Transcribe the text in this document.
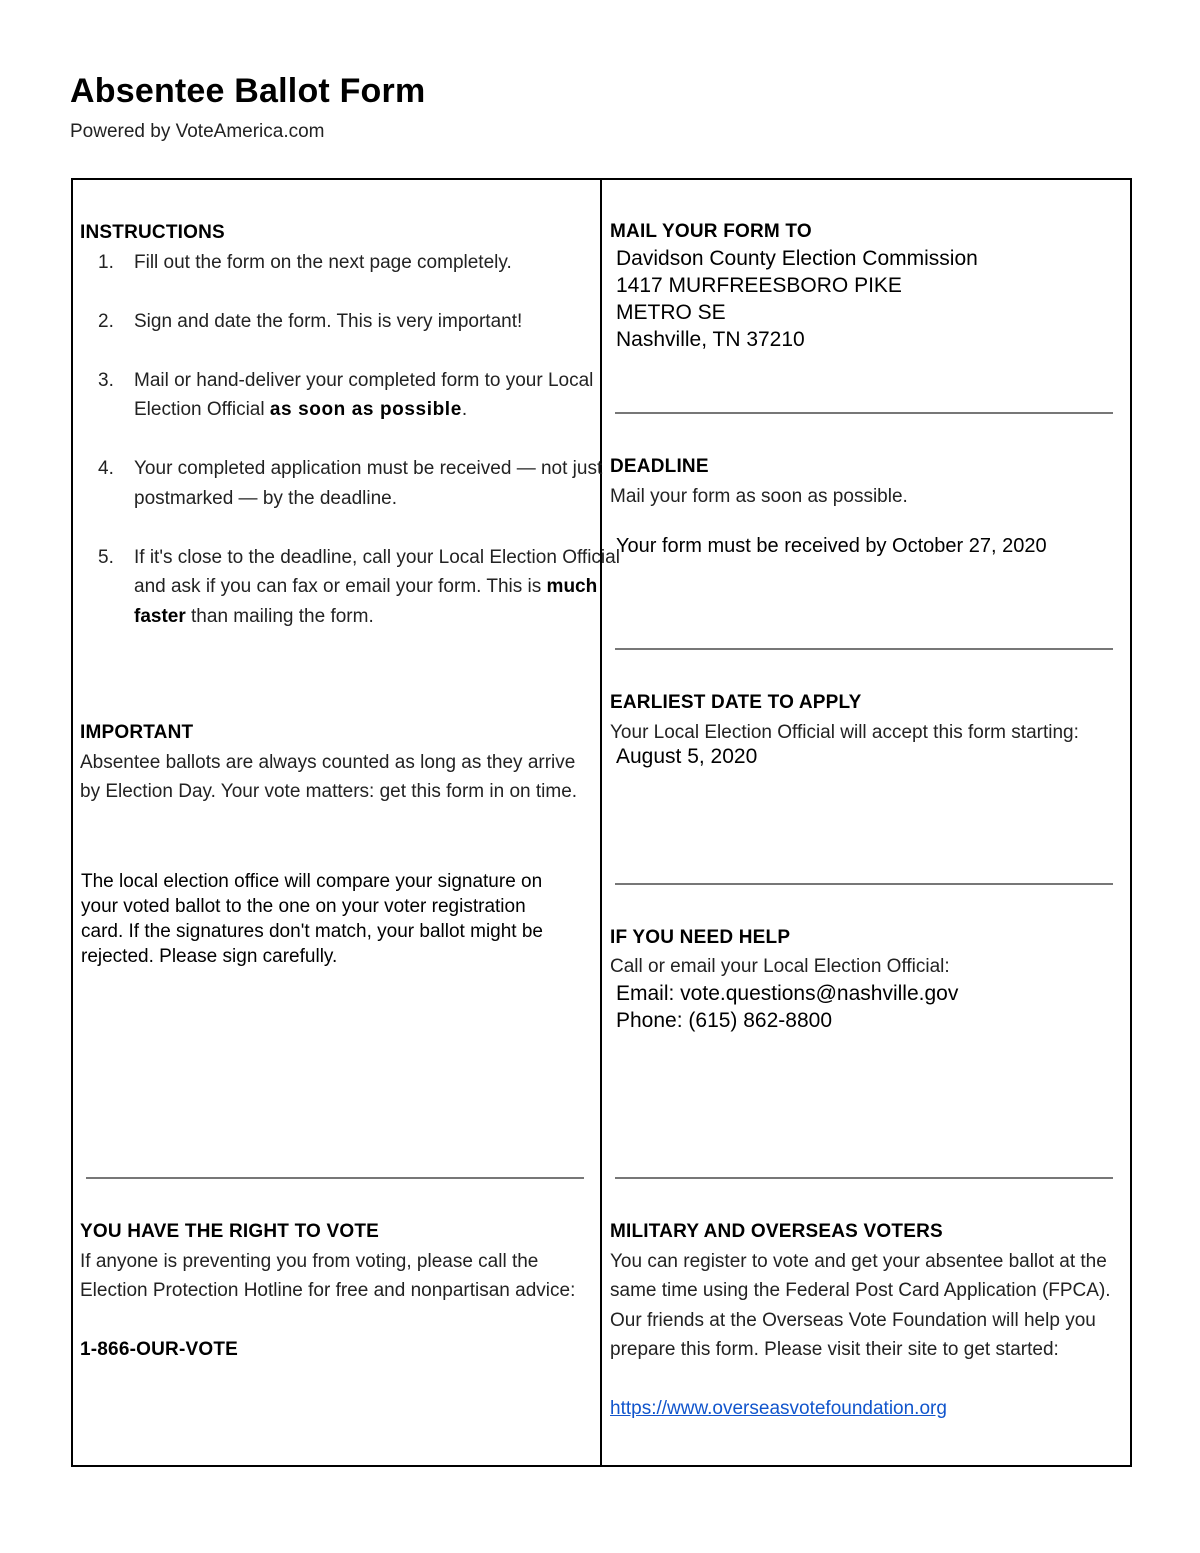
Absentee Ballot Form
Powered by VoteAmerica.com
INSTRUCTIONS
1. Fill out the form on the next page completely.
2. Sign and date the form. This is very important!
3. Mail or hand-deliver your completed form to your Local Election Official as soon as possible.
4. Your completed application must be received — not just postmarked — by the deadline.
5. If it's close to the deadline, call your Local Election Official and ask if you can fax or email your form. This is much faster than mailing the form.
IMPORTANT
Absentee ballots are always counted as long as they arrive by Election Day. Your vote matters: get this form in on time.
The local election office will compare your signature on your voted ballot to the one on your voter registration card. If the signatures don't match, your ballot might be rejected. Please sign carefully.
YOU HAVE THE RIGHT TO VOTE
If anyone is preventing you from voting, please call the Election Protection Hotline for free and nonpartisan advice:
1-866-OUR-VOTE
MAIL YOUR FORM TO
Davidson County Election Commission
1417 MURFREESBORO PIKE
METRO SE
Nashville, TN 37210
DEADLINE
Mail your form as soon as possible.
Your form must be received by October 27, 2020
EARLIEST DATE TO APPLY
Your Local Election Official will accept this form starting:
August 5, 2020
IF YOU NEED HELP
Call or email your Local Election Official:
Email: vote.questions@nashville.gov
Phone: (615) 862-8800
MILITARY AND OVERSEAS VOTERS
You can register to vote and get your absentee ballot at the same time using the Federal Post Card Application (FPCA). Our friends at the Overseas Vote Foundation will help you prepare this form. Please visit their site to get started:
https://www.overseasvotefoundation.org
